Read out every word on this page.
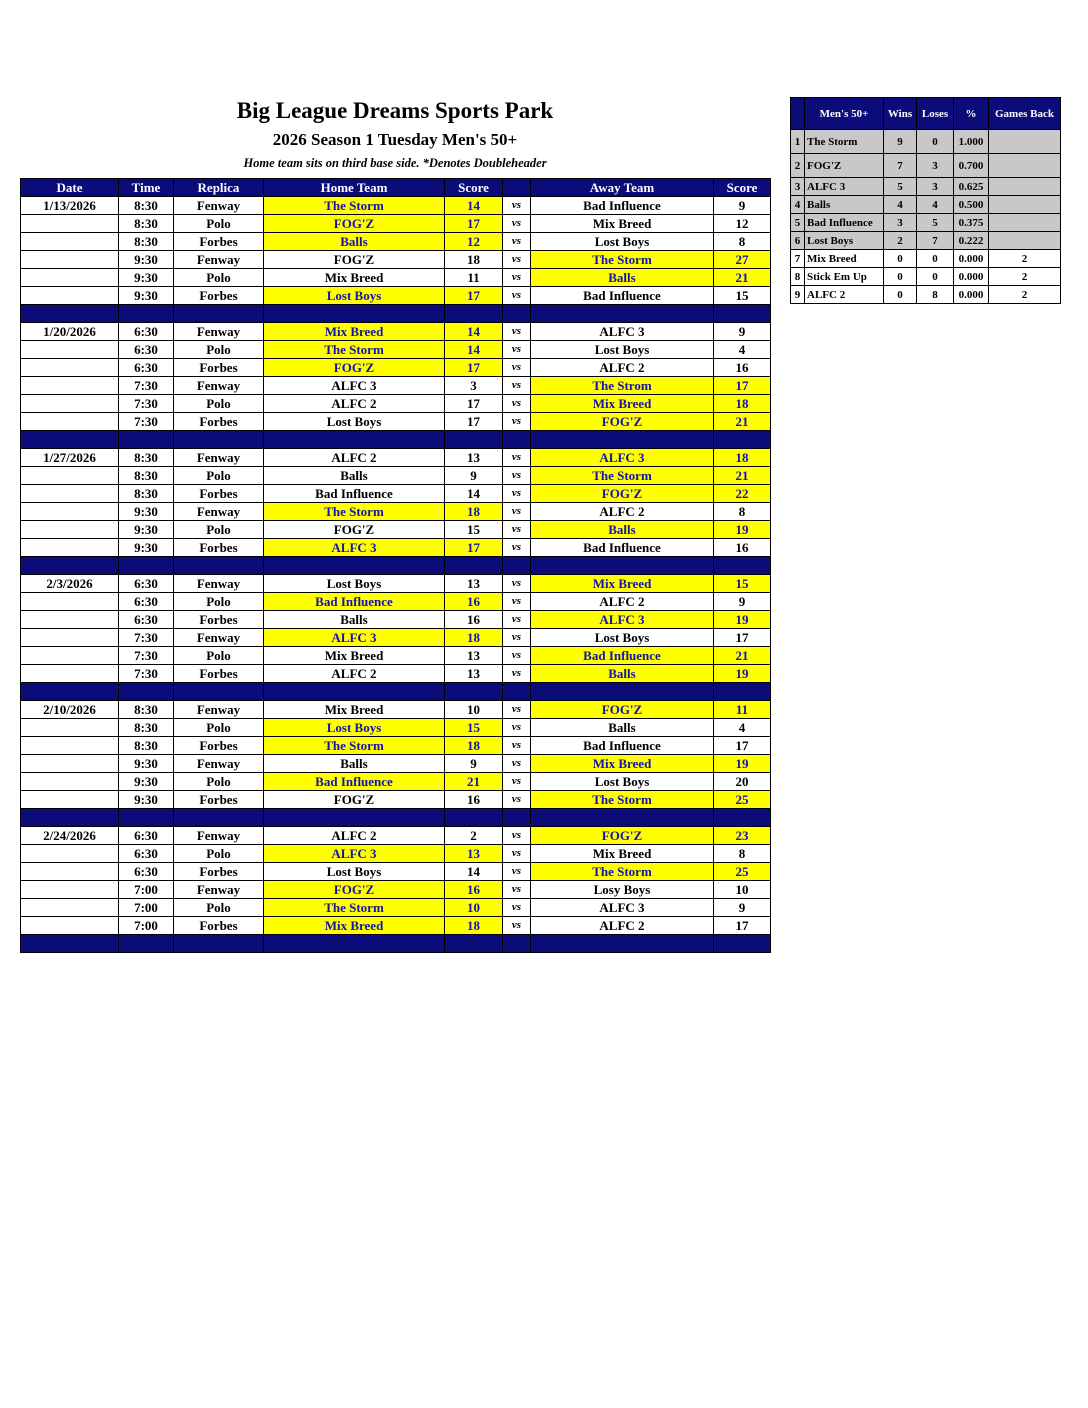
Big League Dreams Sports Park
2026 Season 1 Tuesday Men's 50+
Home team sits on third base side. *Denotes Doubleheader
Date	Time	Replica	Home Team	Score		Away Team	Score
1/13/2026	8:30	Fenway	The Storm	14	vs	Bad Influence	9
	8:30	Polo	FOG'Z	17	vs	Mix Breed	12
	8:30	Forbes	Balls	12	vs	Lost Boys	8
	9:30	Fenway	FOG'Z	18	vs	The Storm	27
	9:30	Polo	Mix Breed	11	vs	Balls	21
	9:30	Forbes	Lost Boys	17	vs	Bad Influence	15

1/20/2026	6:30	Fenway	Mix Breed	14	vs	ALFC 3	9
	6:30	Polo	The Storm	14	vs	Lost Boys	4
	6:30	Forbes	FOG'Z	17	vs	ALFC 2	16
	7:30	Fenway	ALFC 3	3	vs	The Strom	17
	7:30	Polo	ALFC 2	17	vs	Mix Breed	18
	7:30	Forbes	Lost Boys	17	vs	FOG'Z	21

1/27/2026	8:30	Fenway	ALFC 2	13	vs	ALFC 3	18
	8:30	Polo	Balls	9	vs	The Storm	21
	8:30	Forbes	Bad Influence	14	vs	FOG'Z	22
	9:30	Fenway	The Storm	18	vs	ALFC 2	8
	9:30	Polo	FOG'Z	15	vs	Balls	19
	9:30	Forbes	ALFC 3	17	vs	Bad Influence	16

2/3/2026	6:30	Fenway	Lost Boys	13	vs	Mix Breed	15
	6:30	Polo	Bad Influence	16	vs	ALFC 2	9
	6:30	Forbes	Balls	16	vs	ALFC 3	19
	7:30	Fenway	ALFC 3	18	vs	Lost Boys	17
	7:30	Polo	Mix Breed	13	vs	Bad Influence	21
	7:30	Forbes	ALFC 2	13	vs	Balls	19

2/10/2026	8:30	Fenway	Mix Breed	10	vs	FOG'Z	11
	8:30	Polo	Lost Boys	15	vs	Balls	4
	8:30	Forbes	The Storm	18	vs	Bad Influence	17
	9:30	Fenway	Balls	9	vs	Mix Breed	19
	9:30	Polo	Bad Influence	21	vs	Lost Boys	20
	9:30	Forbes	FOG'Z	16	vs	The Storm	25

2/24/2026	6:30	Fenway	ALFC 2	2	vs	FOG'Z	23
	6:30	Polo	ALFC 3	13	vs	Mix Breed	8
	6:30	Forbes	Lost Boys	14	vs	The Storm	25
	7:00	Fenway	FOG'Z	16	vs	Losy Boys	10
	7:00	Polo	The Storm	10	vs	ALFC 3	9
	7:00	Forbes	Mix Breed	18	vs	ALFC 2	17

	Men's 50+	Wins	Loses	%	Games Back
1	The Storm	9	0	1.000	
2	FOG'Z	7	3	0.700	
3	ALFC 3	5	3	0.625	
4	Balls	4	4	0.500	
5	Bad Influence	3	5	0.375	
6	Lost Boys	2	7	0.222	
7	Mix Breed	0	0	0.000	2
8	Stick Em Up	0	0	0.000	2
9	ALFC 2	0	8	0.000	2
